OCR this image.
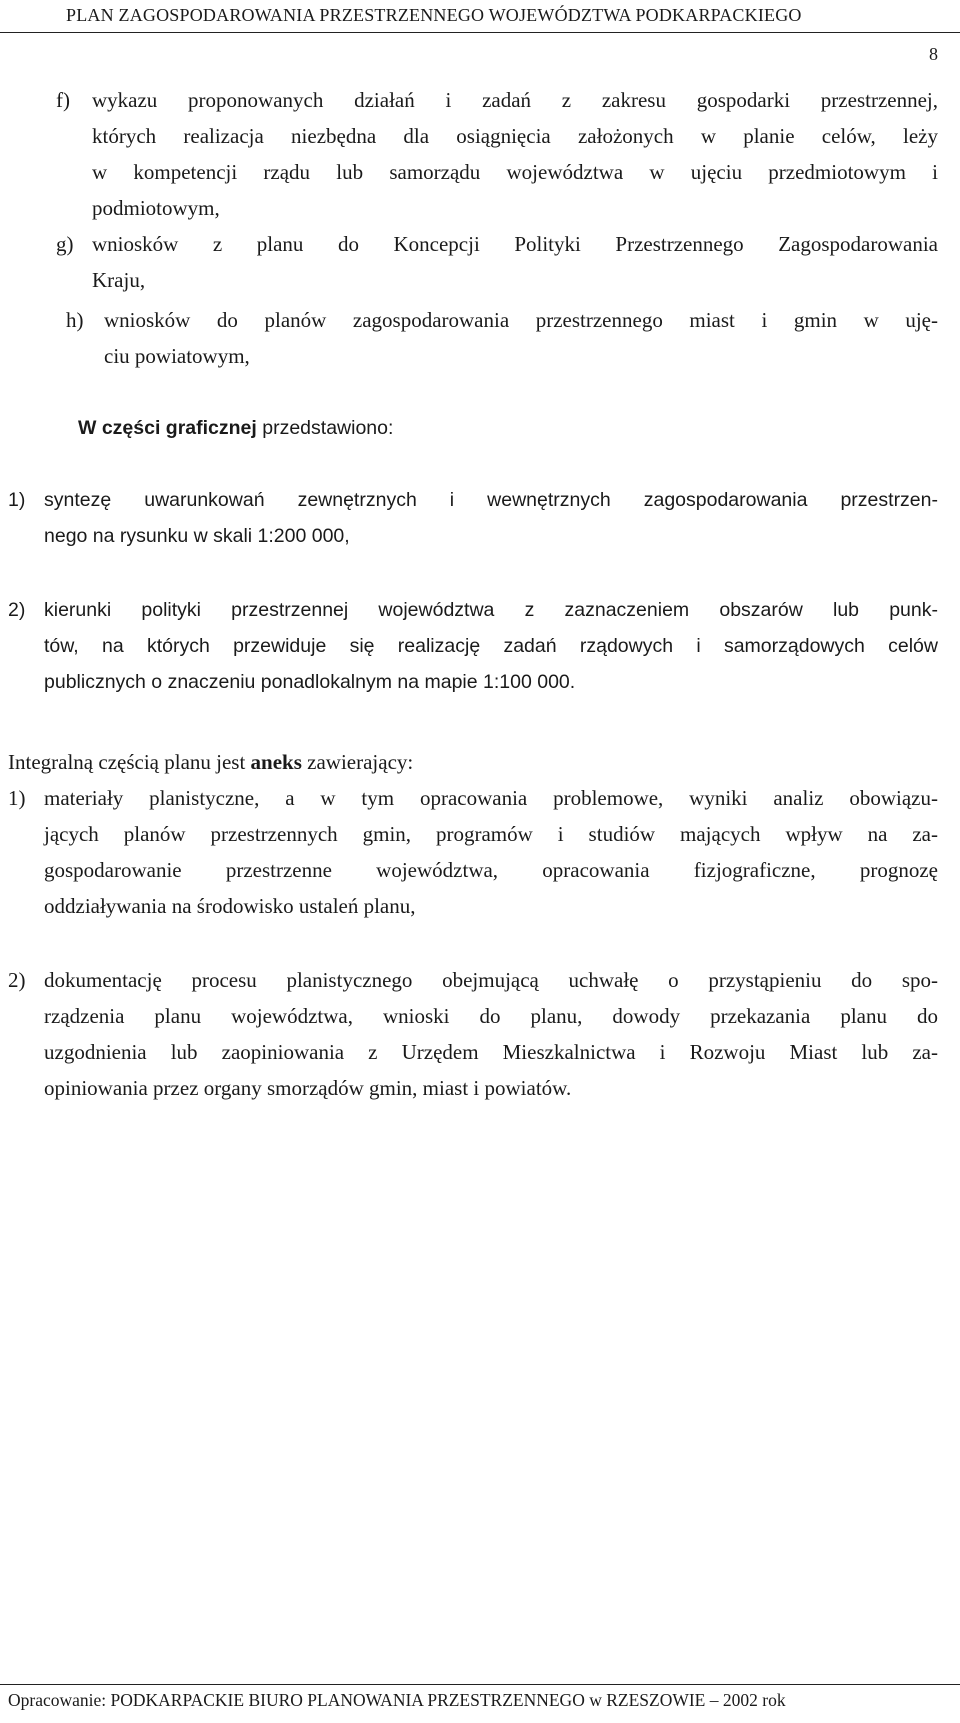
PLAN ZAGOSPODAROWANIA PRZESTRZENNEGO WOJEWÓDZTWA PODKARPACKIEGO
8
f) wykazu proponowanych działań i zadań z zakresu gospodarki przestrzennej,
których realizacja niezbędna dla osiągnięcia założonych w planie celów, leży
w kompetencji rządu lub samorządu województwa w ujęciu przedmiotowym i
podmiotowym,
g) wniosków z planu do Koncepcji Polityki Przestrzennego Zagospodarowania
Kraju,
h) wniosków do planów zagospodarowania przestrzennego miast i gmin w uję-
ciu powiatowym,
W części graficznej przedstawiono:
1) syntezę uwarunkowań zewnętrznych i wewnętrznych zagospodarowania przestrzen-
nego na rysunku w skali 1:200 000,
2) kierunki polityki przestrzennej województwa z zaznaczeniem obszarów lub punk-
tów, na których przewiduje się realizację zadań rządowych i samorządowych celów
publicznych o znaczeniu ponadlokalnym na mapie 1:100 000.
Integralną częścią planu jest aneks zawierający:
1) materiały planistyczne, a w tym opracowania problemowe, wyniki analiz obowiązu-
jących planów przestrzennych gmin, programów i studiów mających wpływ na za-
gospodarowanie przestrzenne województwa, opracowania fizjograficzne, prognozę
oddziaływania na środowisko ustaleń planu,
2) dokumentację procesu planistycznego obejmującą uchwałę o przystąpieniu do spo-
rządzenia planu województwa, wnioski do planu, dowody przekazania planu do
uzgodnienia lub zaopiniowania z Urzędem Mieszkalnictwa i Rozwoju Miast lub za-
opiniowania przez organy smorządów gmin, miast i powiatów.
Opracowanie: PODKARPACKIE BIURO PLANOWANIA PRZESTRZENNEGO w RZESZOWIE – 2002 rok
